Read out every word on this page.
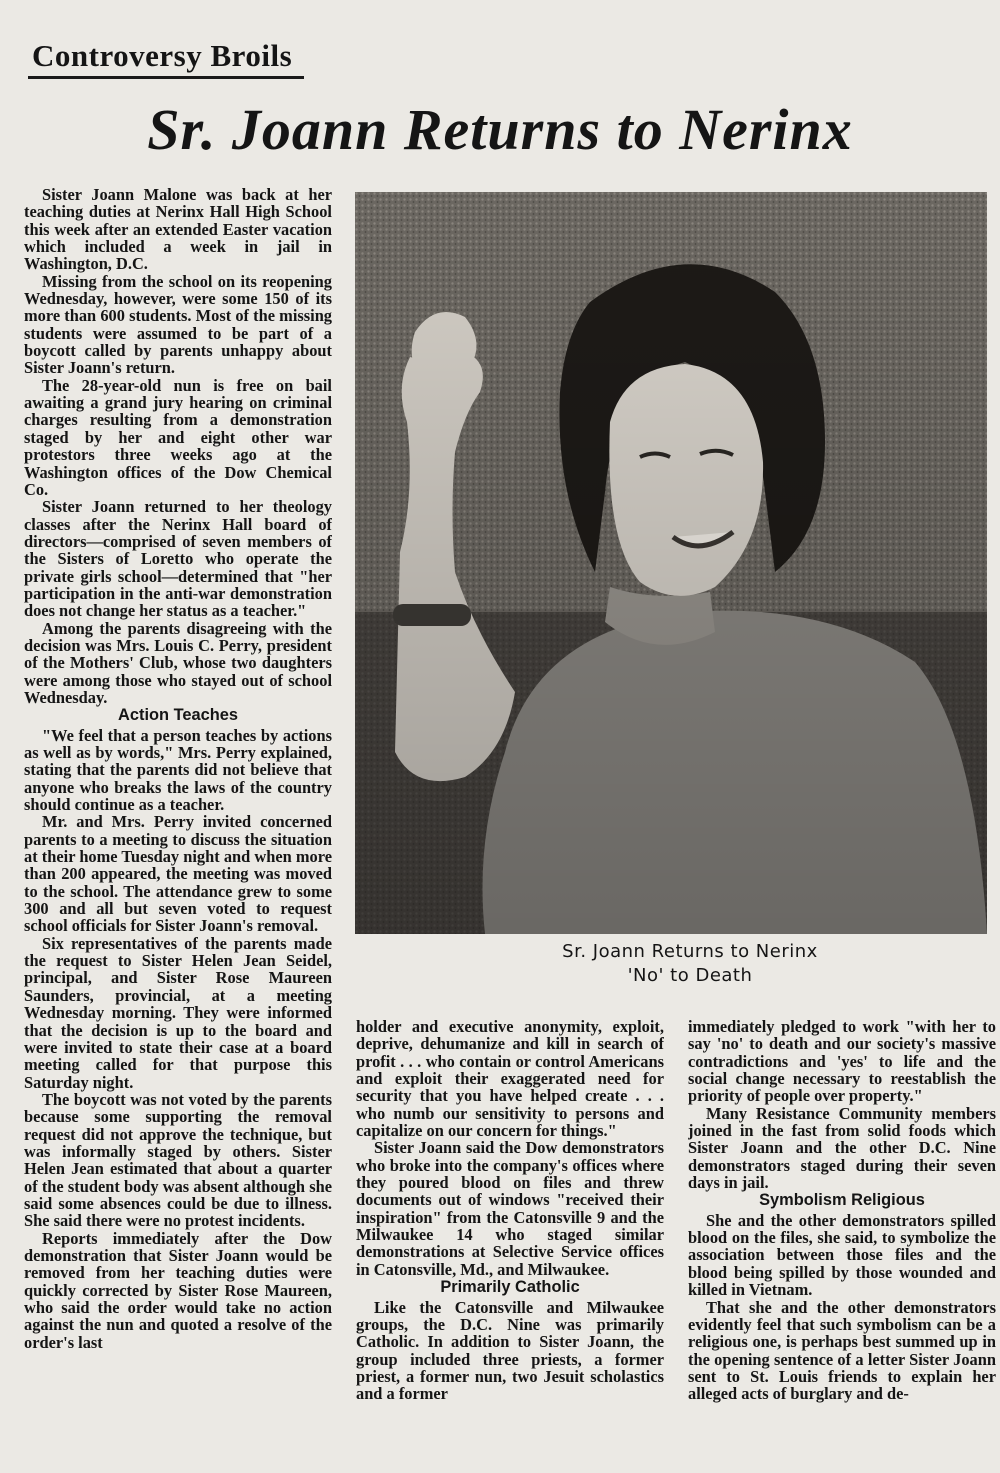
Controversy Broils
Sr. Joann Returns to Nerinx

Sister Joann Malone was back at her teaching duties at Nerinx Hall High School this week after an extended Easter vacation which included a week in jail in Washington, D.C.

Missing from the school on its reopening Wednesday, however, were some 150 of its more than 600 students. Most of the missing students were assumed to be part of a boycott called by parents unhappy about Sister Joann's return.

The 28-year-old nun is free on bail awaiting a grand jury hearing on criminal charges resulting from a demonstration staged by her and eight other war protestors three weeks ago at the Washington offices of the Dow Chemical Co.

Sister Joann returned to her theology classes after the Nerinx Hall board of directors—comprised of seven members of the Sisters of Loretto who operate the private girls school—determined that "her participation in the anti-war demonstration does not change her status as a teacher."

Among the parents disagreeing with the decision was Mrs. Louis C. Perry, president of the Mothers' Club, whose two daughters were among those who stayed out of school Wednesday.

Action Teaches

"We feel that a person teaches by actions as well as by words," Mrs. Perry explained, stating that the parents did not believe that anyone who breaks the laws of the country should continue as a teacher.

Mr. and Mrs. Perry invited concerned parents to a meeting to discuss the situation at their home Tuesday night and when more than 200 appeared, the meeting was moved to the school. The attendance grew to some 300 and all but seven voted to request school officials for Sister Joann's removal.

Six representatives of the parents made the request to Sister Helen Jean Seidel, principal, and Sister Rose Maureen Saunders, provincial, at a meeting Wednesday morning. They were informed that the decision is up to the board and were invited to state their case at a board meeting called for that purpose this Saturday night.

The boycott was not voted by the parents because some supporting the removal request did not approve the technique, but was informally staged by others. Sister Helen Jean estimated that about a quarter of the student body was absent although she said some absences could be due to illness. She said there were no protest incidents.

Reports immediately after the Dow demonstration that Sister Joann would be removed from her teaching duties were quickly corrected by Sister Rose Maureen, who said the order would take no action against the nun and quoted a resolve of the order's last

Sr. Joann Returns to Nerinx
'No' to Death

holder and executive anonymity, exploit, deprive, dehumanize and kill in search of profit . . . who contain or control Americans and exploit their exaggerated need for security that you have helped create . . . who numb our sensitivity to persons and capitalize on our concern for things."

Sister Joann said the Dow demonstrators who broke into the company's offices where they poured blood on files and threw documents out of windows "received their inspiration" from the Catonsville 9 and the Milwaukee 14 who staged similar demonstrations at Selective Service offices in Catonsville, Md., and Milwaukee.

Primarily Catholic

Like the Catonsville and Milwaukee groups, the D.C. Nine was primarily Catholic. In addition to Sister Joann, the group included three priests, a former priest, a former nun, two Jesuit scholastics and a former

immediately pledged to work "with her to say 'no' to death and our society's massive contradictions and 'yes' to life and the social change necessary to reestablish the priority of people over property."

Many Resistance Community members joined in the fast from solid foods which Sister Joann and the other D.C. Nine demonstrators staged during their seven days in jail.

Symbolism Religious

She and the other demonstrators spilled blood on the files, she said, to symbolize the association between those files and the blood being spilled by those wounded and killed in Vietnam.

That she and the other demonstrators evidently feel that such symbolism can be a religious one, is perhaps best summed up in the opening sentence of a letter Sister Joann sent to St. Louis friends to explain her alleged acts of burglary and de-
